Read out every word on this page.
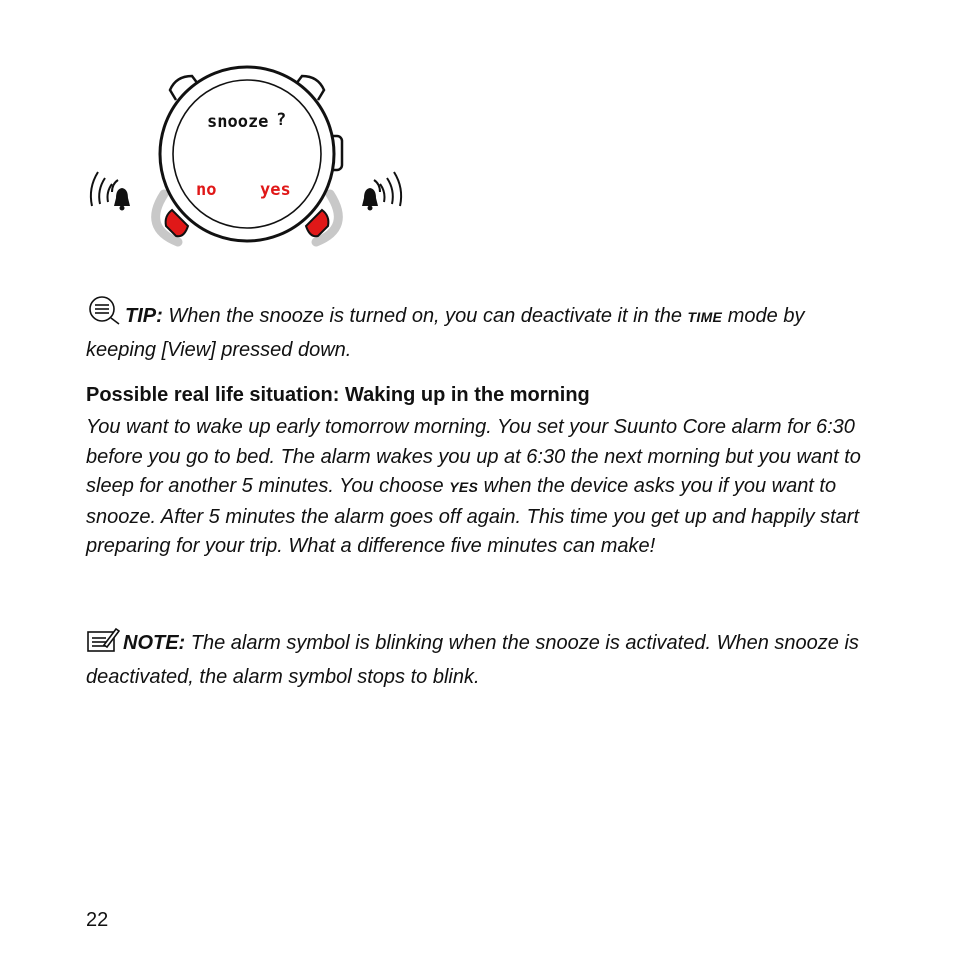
snooze ?
no	yes

TIP: When the snooze is turned on, you can deactivate it in the TIME mode by keeping [View] pressed down.

Possible real life situation: Waking up in the morning

You want to wake up early tomorrow morning. You set your Suunto Core alarm for 6:30 before you go to bed. The alarm wakes you up at 6:30 the next morning but you want to sleep for another 5 minutes. You choose YES when the device asks you if you want to snooze. After 5 minutes the alarm goes off again. This time you get up and happily start preparing for your trip. What a difference five minutes can make!

NOTE: The alarm symbol is blinking when the snooze is activated. When snooze is deactivated, the alarm symbol stops to blink.

22
